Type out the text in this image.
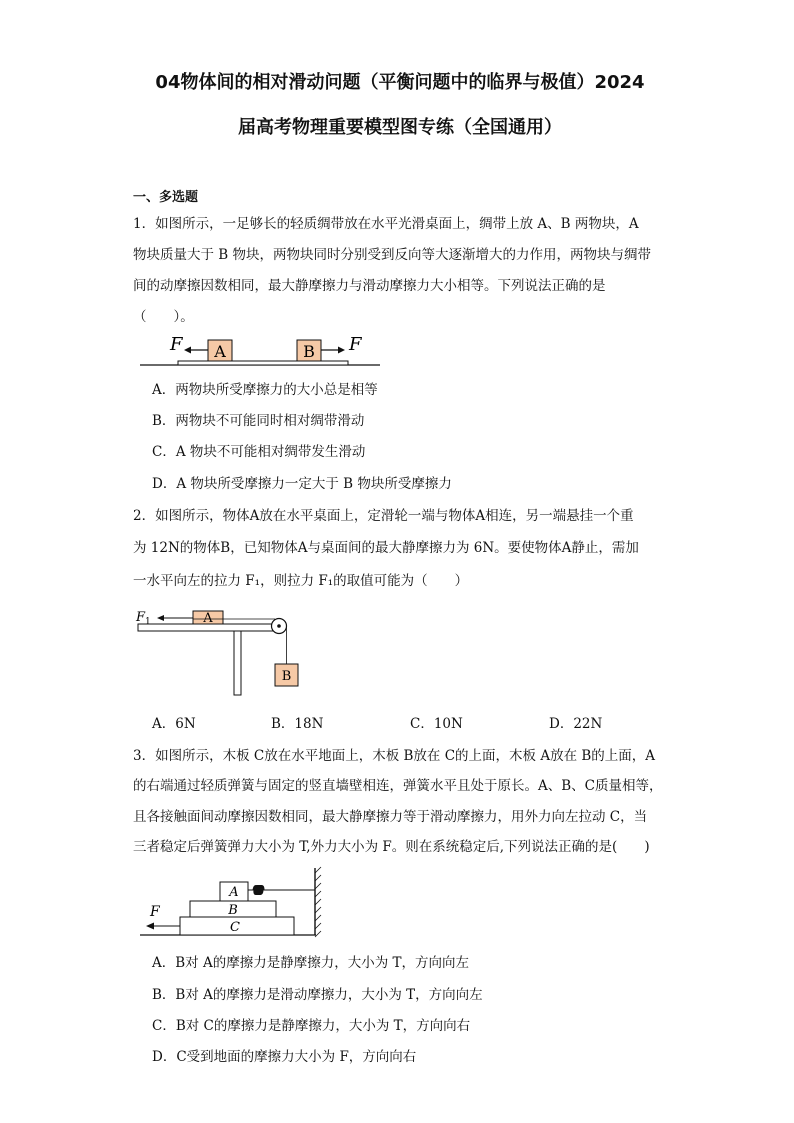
04物体间的相对滑动问题（平衡问题中的临界与极值）2024
届高考物理重要模型图专练（全国通用）
一、多选题
1．如图所示，一足够长的轻质绸带放在水平光滑桌面上，绸带上放 A、B 两物块，A
物块质量大于 B 物块，两物块同时分别受到反向等大逐渐增大的力作用，两物块与绸带
间的动摩擦因数相同，最大静摩擦力与滑动摩擦力大小相等。下列说法正确的是
（　　）。
A	B
F	F
A．两物块所受摩擦力的大小总是相等
B．两物块不可能同时相对绸带滑动
C．A 物块不可能相对绸带发生滑动
D．A 物块所受摩擦力一定大于 B 物块所受摩擦力
2．如图所示，物体A放在水平桌面上，定滑轮一端与物体A相连，另一端悬挂一个重
为 12N的物体B，已知物体A与桌面间的最大静摩擦力为 6N。要使物体A静止，需加
一水平向左的拉力 F₁，则拉力 F₁的取值可能为（　　）
A
B
$F_1$
A．6N	B．18N	C．10N	D．22N
3．如图所示，木板 C放在水平地面上，木板 B放在 C的上面，木板 A放在 B的上面，A
的右端通过轻质弹簧与固定的竖直墙壁相连，弹簧水平且处于原长。A、B、C质量相等，
且各接触面间动摩擦因数相同，最大静摩擦力等于滑动摩擦力，用外力向左拉动 C，当
三者稳定后弹簧弹力大小为 T,外力大小为 F。则在系统稳定后,下列说法正确的是(　　)
C
B
A
F
A．B对 A的摩擦力是静摩擦力，大小为 T，方向向左
B．B对 A的摩擦力是滑动摩擦力，大小为 T，方向向左
C．B对 C的摩擦力是静摩擦力，大小为 T，方向向右
D．C受到地面的摩擦力大小为 F，方向向右
